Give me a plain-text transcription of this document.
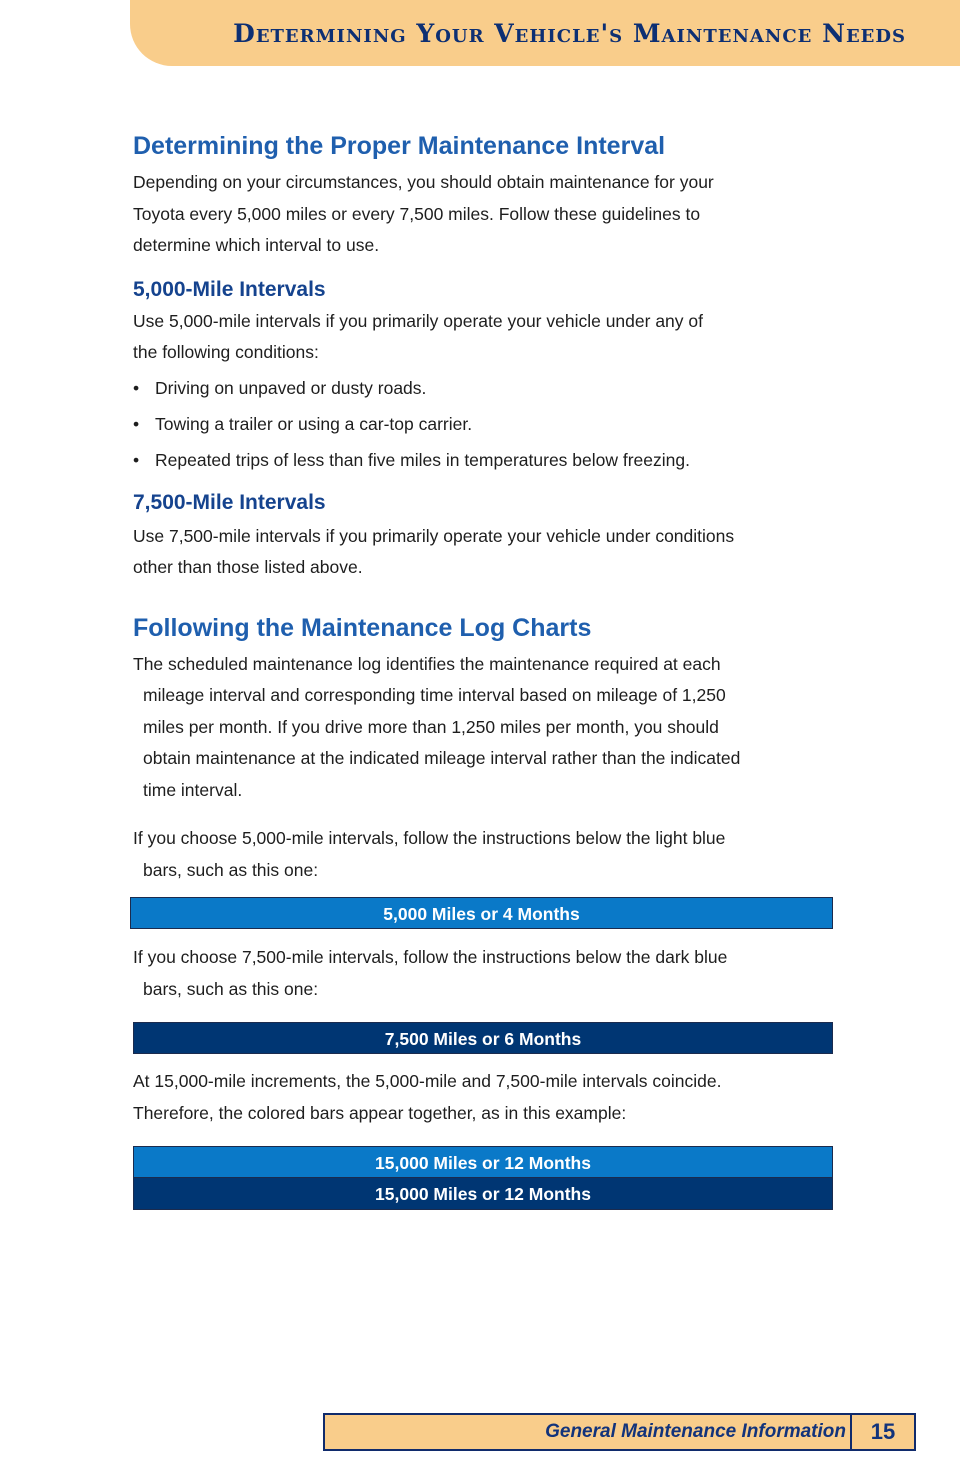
Determining Your Vehicle's Maintenance Needs
Determining the Proper Maintenance Interval

Depending on your circumstances, you should obtain maintenance for your
Toyota every 5,000 miles or every 7,500 miles. Follow these guidelines to
determine which interval to use.

5,000-Mile Intervals

Use 5,000-mile intervals if you primarily operate your vehicle under any of
the following conditions:

• Driving on unpaved or dusty roads.
• Towing a trailer or using a car-top carrier.
• Repeated trips of less than five miles in temperatures below freezing.
7,500-Mile Intervals

Use 7,500-mile intervals if you primarily operate your vehicle under conditions
other than those listed above.

Following the Maintenance Log Charts

The scheduled maintenance log identifies the maintenance required at each
mileage interval and corresponding time interval based on mileage of 1,250
miles per month. If you drive more than 1,250 miles per month, you should
obtain maintenance at the indicated mileage interval rather than the indicated
time interval.

If you choose 5,000-mile intervals, follow the instructions below the light blue
bars, such as this one:

5,000 Miles or 4 Months

If you choose 7,500-mile intervals, follow the instructions below the dark blue
bars, such as this one:

7,500 Miles or 6 Months

At 15,000-mile increments, the 5,000-mile and 7,500-mile intervals coincide.
Therefore, the colored bars appear together, as in this example:

15,000 Miles or 12 Months
15,000 Miles or 12 Months
General Maintenance Information	15
